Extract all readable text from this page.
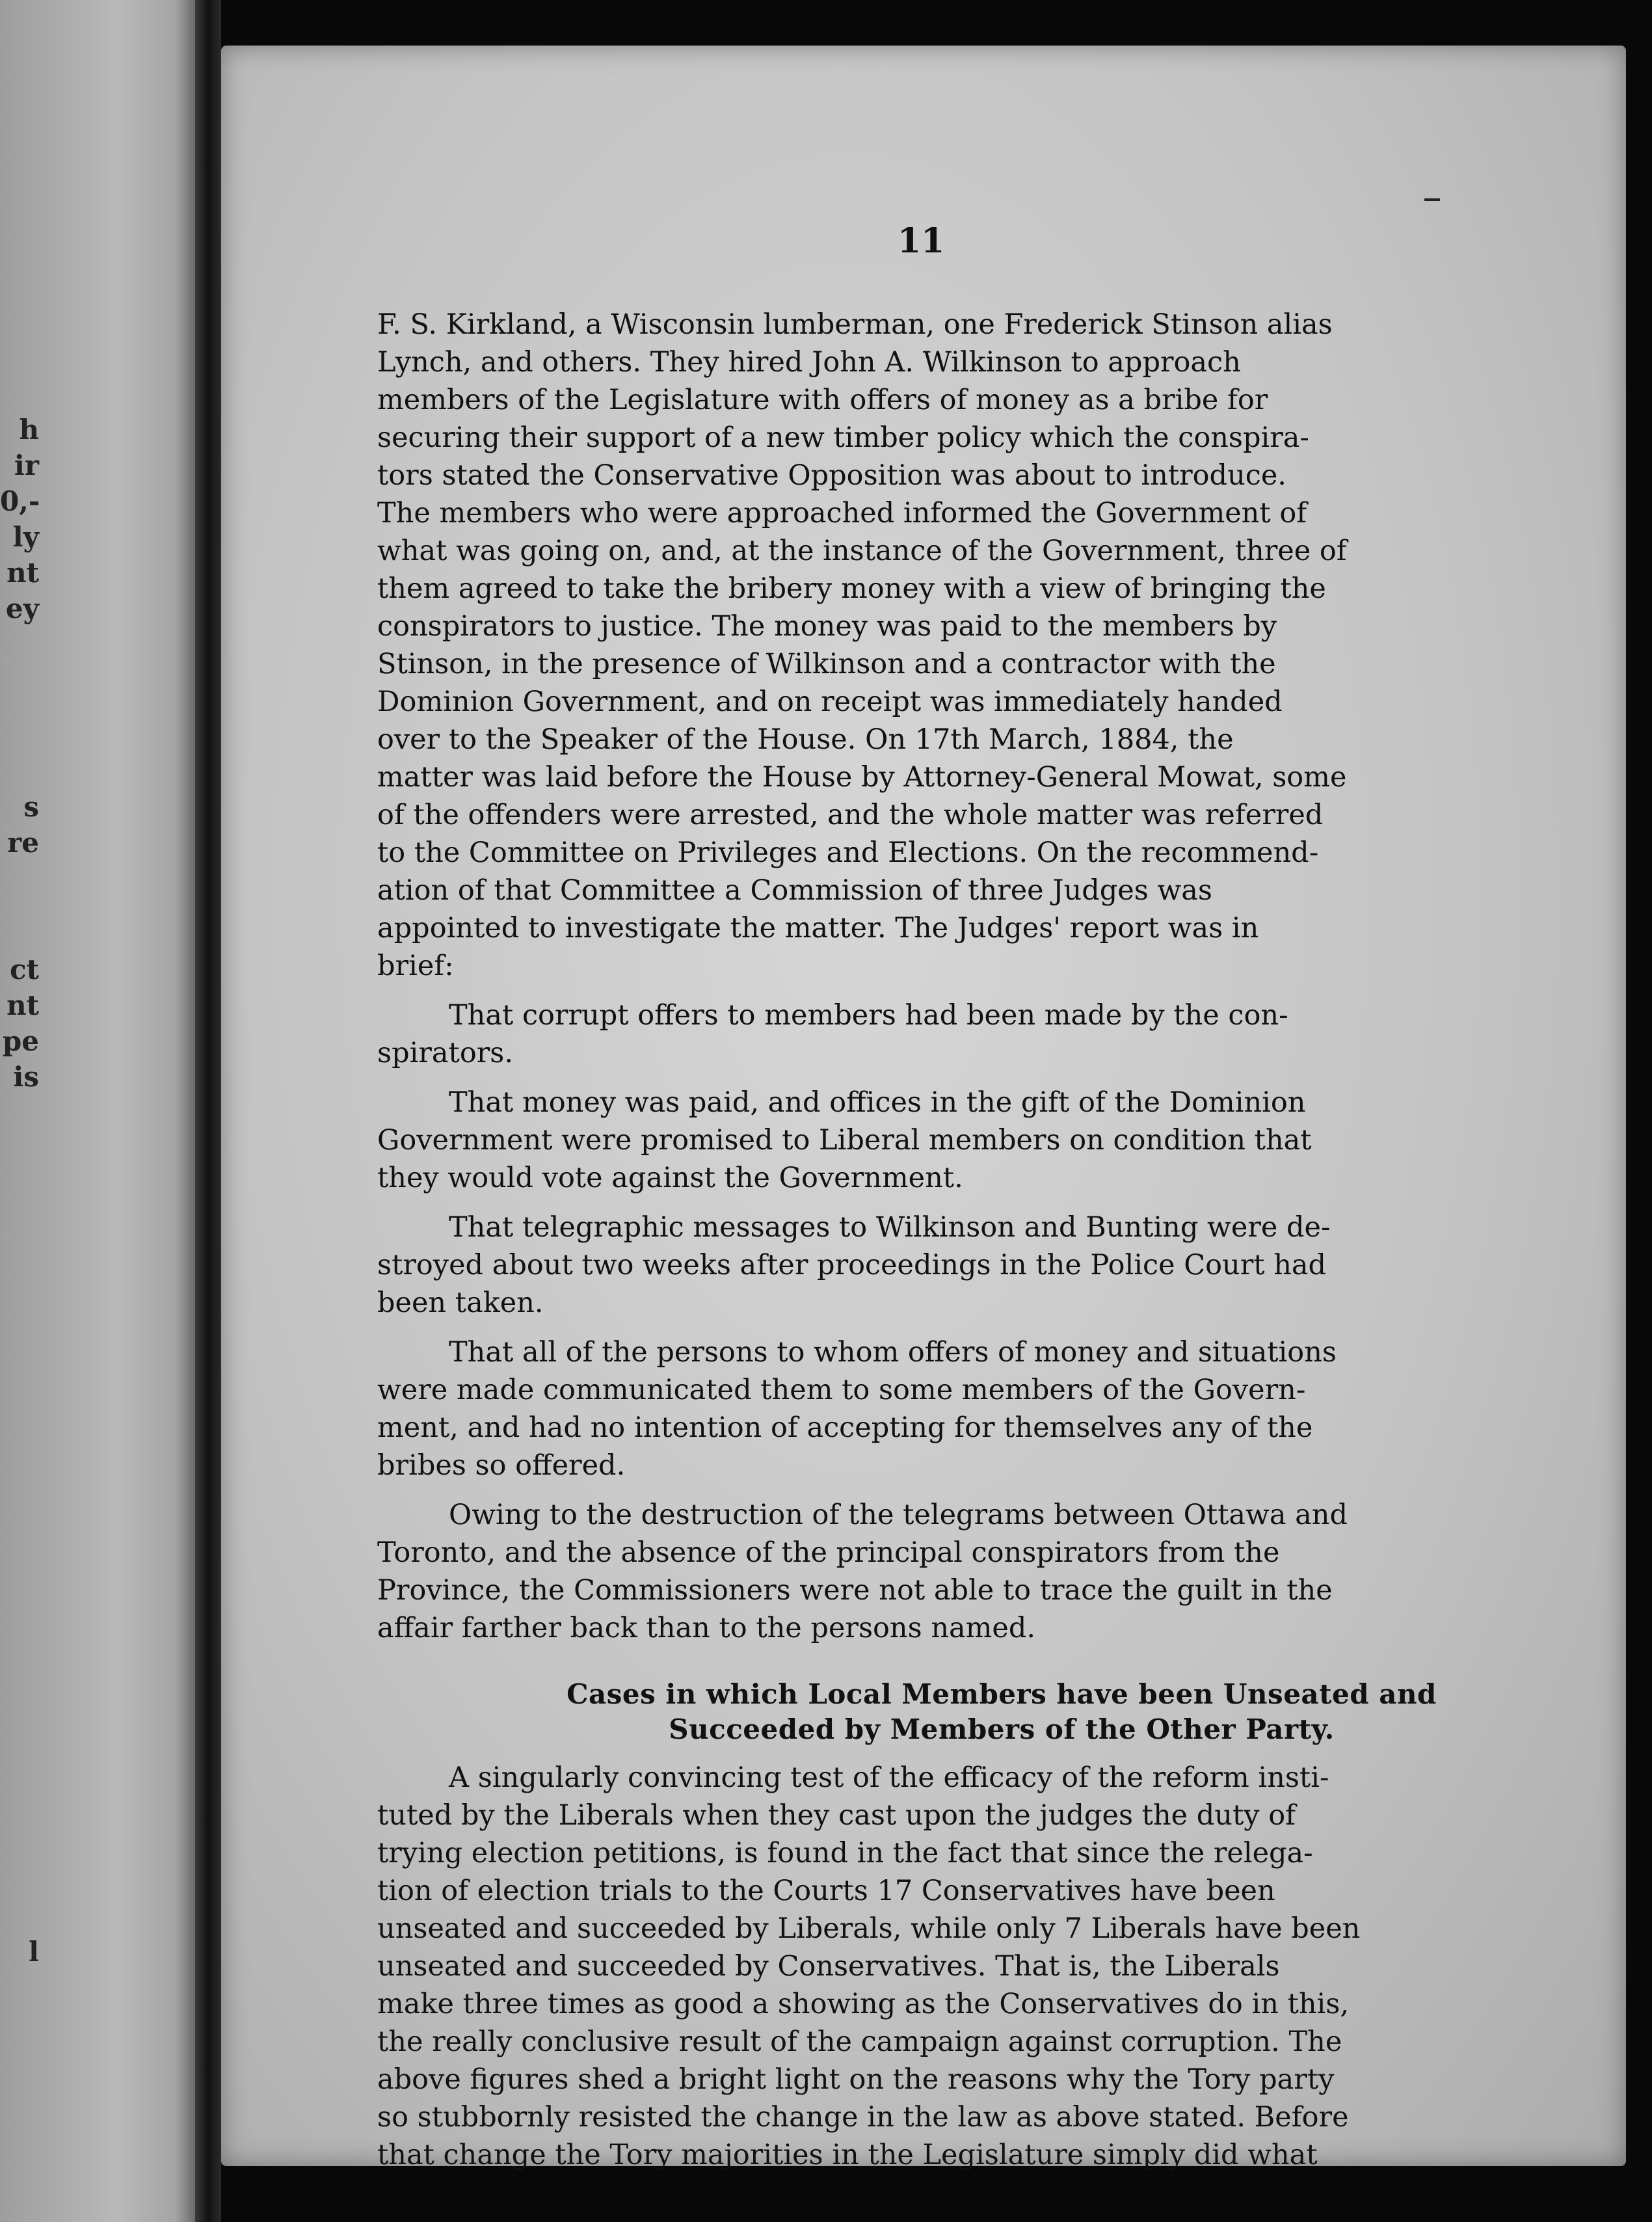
h
ir
0,-
ly
nt
ey
s
re
ct
nt
pe
is
l
11

F. S. Kirkland, a Wisconsin lumberman, one Frederick Stinson alias
Lynch, and others. They hired John A. Wilkinson to approach
members of the Legislature with offers of money as a bribe for
securing their support of a new timber policy which the conspira-
tors stated the Conservative Opposition was about to introduce.
The members who were approached informed the Government of
what was going on, and, at the instance of the Government, three of
them agreed to take the bribery money with a view of bringing the
conspirators to justice. The money was paid to the members by
Stinson, in the presence of Wilkinson and a contractor with the
Dominion Government, and on receipt was immediately handed
over to the Speaker of the House. On 17th March, 1884, the
matter was laid before the House by Attorney-General Mowat, some
of the offenders were arrested, and the whole matter was referred
to the Committee on Privileges and Elections. On the recommend-
ation of that Committee a Commission of three Judges was
appointed to investigate the matter. The Judges' report was in
brief:

That corrupt offers to members had been made by the con-
spirators.

That money was paid, and offices in the gift of the Dominion
Government were promised to Liberal members on condition that
they would vote against the Government.

That telegraphic messages to Wilkinson and Bunting were de-
stroyed about two weeks after proceedings in the Police Court had
been taken.

That all of the persons to whom offers of money and situations
were made communicated them to some members of the Govern-
ment, and had no intention of accepting for themselves any of the
bribes so offered.

Owing to the destruction of the telegrams between Ottawa and
Toronto, and the absence of the principal conspirators from the
Province, the Commissioners were not able to trace the guilt in the
affair farther back than to the persons named.

Cases in which Local Members have been Unseated and
Succeeded by Members of the Other Party.

A singularly convincing test of the efficacy of the reform insti-
tuted by the Liberals when they cast upon the judges the duty of
trying election petitions, is found in the fact that since the relega-
tion of election trials to the Courts 17 Conservatives have been
unseated and succeeded by Liberals, while only 7 Liberals have been
unseated and succeeded by Conservatives. That is, the Liberals
make three times as good a showing as the Conservatives do in this,
the really conclusive result of the campaign against corruption. The
above figures shed a bright light on the reasons why the Tory party
so stubbornly resisted the change in the law as above stated. Before
that change the Tory majorities in the Legislature simply did what
